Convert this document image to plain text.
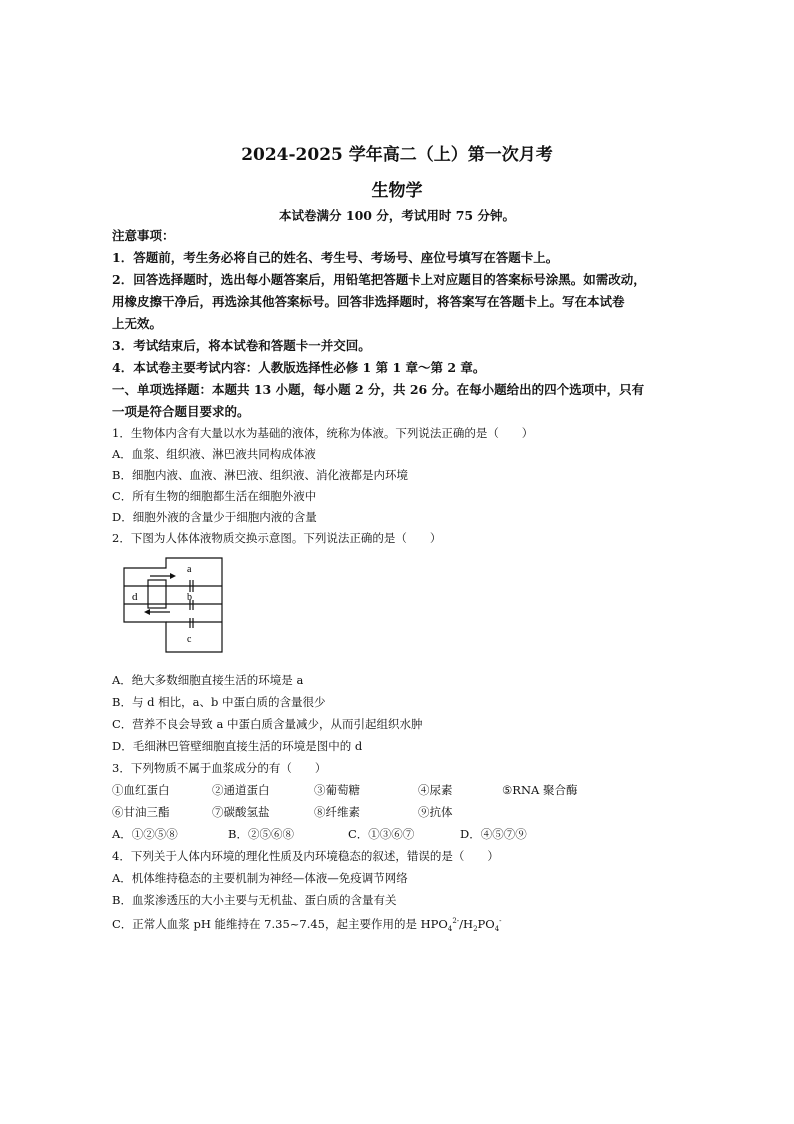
2024-2025 学年高二（上）第一次月考
生物学
本试卷满分 100 分，考试用时 75 分钟。
注意事项：
1．答题前，考生务必将自己的姓名、考生号、考场号、座位号填写在答题卡上。
2．回答选择题时，选出每小题答案后，用铅笔把答题卡上对应题目的答案标号涂黑。如需改动，
用橡皮擦干净后，再选涂其他答案标号。回答非选择题时，将答案写在答题卡上。写在本试卷
上无效。
3．考试结束后，将本试卷和答题卡一并交回。
4．本试卷主要考试内容：人教版选择性必修 1 第 1 章～第 2 章。
一、单项选择题：本题共 13 小题，每小题 2 分，共 26 分。在每小题给出的四个选项中，只有
一项是符合题目要求的。
1．生物体内含有大量以水为基础的液体，统称为体液。下列说法正确的是（　　）
A．血浆、组织液、淋巴液共同构成体液
B．细胞内液、血液、淋巴液、组织液、消化液都是内环境
C．所有生物的细胞都生活在细胞外液中
D．细胞外液的含量少于细胞内液的含量
2．下图为人体体液物质交换示意图。下列说法正确的是（　　）
d
a
b
c
A．绝大多数细胞直接生活的环境是 a
B．与 d 相比，a、b 中蛋白质的含量很少
C．营养不良会导致 a 中蛋白质含量减少，从而引起组织水肿
D．毛细淋巴管壁细胞直接生活的环境是图中的 d
3．下列物质不属于血浆成分的有（　　）
①血红蛋白	②通道蛋白	③葡萄糖	④尿素	⑤RNA 聚合酶
⑥甘油三酯	⑦碳酸氢盐	⑧纤维素	⑨抗体
A．①②⑤⑧	B．②⑤⑥⑧	C．①③⑥⑦	D．④⑤⑦⑨
4．下列关于人体内环境的理化性质及内环境稳态的叙述，错误的是（　　）
A．机体维持稳态的主要机制为神经—体液—免疫调节网络
B．血浆渗透压的大小主要与无机盐、蛋白质的含量有关
C．正常人血浆 pH 能维持在 7.35~7.45，起主要作用的是 $HPO_4^{2-}/H_2PO_4^-$
